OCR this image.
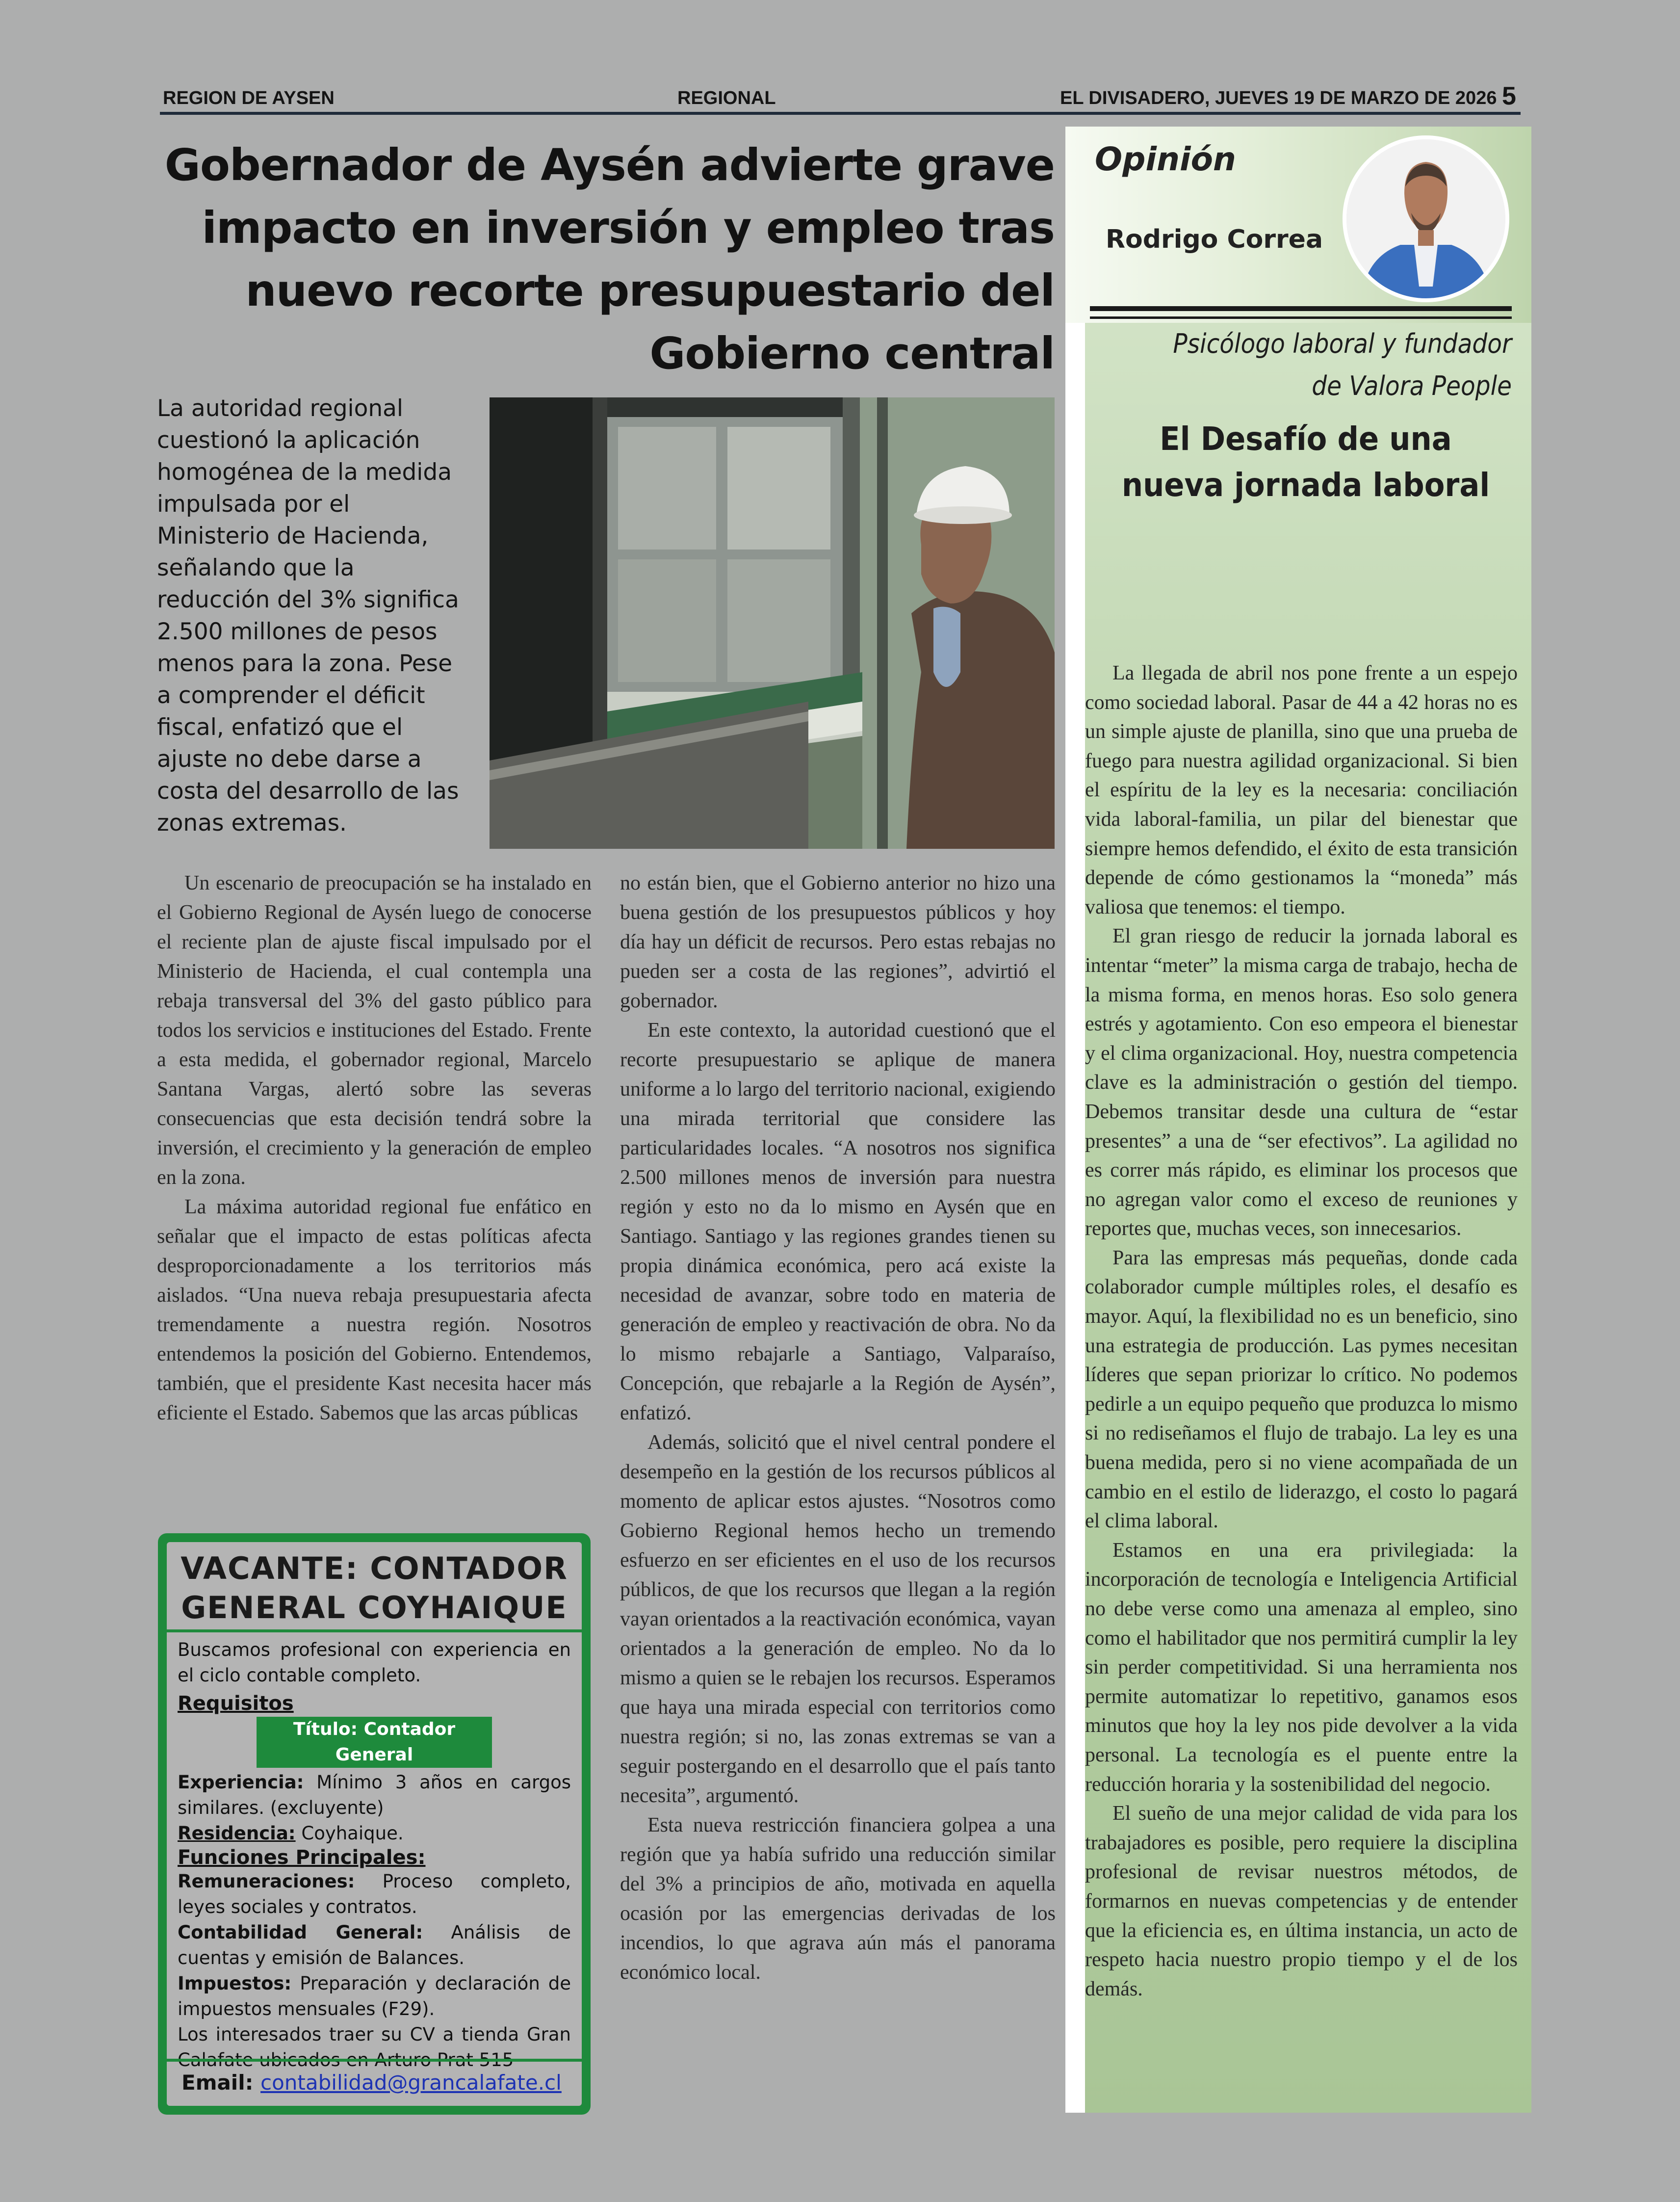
REGION DE AYSEN	REGIONAL	EL DIVISADERO, JUEVES 19 DE MARZO DE 2026 5
Gobernador de Aysén advierte grave impacto en inversión y empleo tras nuevo recorte presupuestario del Gobierno central
La autoridad regional cuestionó la aplicación homogénea de la medida impulsada por el Ministerio de Hacienda, señalando que la reducción del 3% significa 2.500 millones de pesos menos para la zona. Pese a comprender el déficit fiscal, enfatizó que el ajuste no debe darse a costa del desarrollo de las zonas extremas.

Un escenario de preocupación se ha instalado en el Gobierno Regional de Aysén luego de conocerse el reciente plan de ajuste fiscal impulsado por el Ministerio de Hacienda, el cual contempla una rebaja transversal del 3% del gasto público para todos los servicios e instituciones del Estado. Frente a esta medida, el gobernador regional, Marcelo Santana Vargas, alertó sobre las severas consecuencias que esta decisión tendrá sobre la inversión, el crecimiento y la generación de empleo en la zona.

La máxima autoridad regional fue enfático en señalar que el impacto de estas políticas afecta desproporcionadamente a los territorios más aislados. “Una nueva rebaja presupuestaria afecta tremendamente a nuestra región. Nosotros entendemos la posición del Gobierno. Entendemos, también, que el presidente Kast necesita hacer más eficiente el Estado. Sabemos que las arcas públicas

no están bien, que el Gobierno anterior no hizo una buena gestión de los presupuestos públicos y hoy día hay un déficit de recursos. Pero estas rebajas no pueden ser a costa de las regiones”, advirtió el gobernador.

En este contexto, la autoridad cuestionó que el recorte presupuestario se aplique de manera uniforme a lo largo del territorio nacional, exigiendo una mirada territorial que considere las particularidades locales. “A nosotros nos significa 2.500 millones menos de inversión para nuestra región y esto no da lo mismo en Aysén que en Santiago. Santiago y las regiones grandes tienen su propia dinámica económica, pero acá existe la necesidad de avanzar, sobre todo en materia de generación de empleo y reactivación de obra. No da lo mismo rebajarle a Santiago, Valparaíso, Concepción, que rebajarle a la Región de Aysén”, enfatizó.

Además, solicitó que el nivel central pondere el desempeño en la gestión de los recursos públicos al momento de aplicar estos ajustes. “Nosotros como Gobierno Regional hemos hecho un tremendo esfuerzo en ser eficientes en el uso de los recursos públicos, de que los recursos que llegan a la región vayan orientados a la reactivación económica, vayan orientados a la generación de empleo. No da lo mismo a quien se le rebajen los recursos. Esperamos que haya una mirada especial con territorios como nuestra región; si no, las zonas extremas se van a seguir postergando en el desarrollo que el país tanto necesita”, argumentó.

Esta nueva restricción financiera golpea a una región que ya había sufrido una reducción similar del 3% a principios de año, motivada en aquella ocasión por las emergencias derivadas de los incendios, lo que agrava aún más el panorama económico local.

VACANTE: CONTADOR
GENERAL COYHAIQUE
Buscamos profesional con experiencia en el ciclo contable completo.
Requisitos
Título: Contador General
Experiencia: Mínimo 3 años en cargos similares. (excluyente)
Residencia: Coyhaique.
Funciones Principales:
Remuneraciones: Proceso completo, leyes sociales y contratos.
Contabilidad General: Análisis de cuentas y emisión de Balances.
Impuestos: Preparación y declaración de impuestos mensuales (F29).
Los interesados traer su CV a tienda Gran Calafate ubicados en Arturo Prat 515
Email: contabilidad@grancalafate.cl
Opinión
Rodrigo Correa
Psicólogo laboral y fundador de Valora People
El Desafío de una nueva jornada laboral

La llegada de abril nos pone frente a un espejo como sociedad laboral. Pasar de 44 a 42 horas no es un simple ajuste de planilla, sino que una prueba de fuego para nuestra agilidad organizacional. Si bien el espíritu de la ley es la necesaria: conciliación vida laboral-familia, un pilar del bienestar que siempre hemos defendido, el éxito de esta transición depende de cómo gestionamos la “moneda” más valiosa que tenemos: el tiempo.

El gran riesgo de reducir la jornada laboral es intentar “meter” la misma carga de trabajo, hecha de la misma forma, en menos horas. Eso solo genera estrés y agotamiento. Con eso empeora el bienestar y el clima organizacional. Hoy, nuestra competencia clave es la administración o gestión del tiempo. Debemos transitar desde una cultura de “estar presentes” a una de “ser efectivos”. La agilidad no es correr más rápido, es eliminar los procesos que no agregan valor como el exceso de reuniones y reportes que, muchas veces, son innecesarios.

Para las empresas más pequeñas, donde cada colaborador cumple múltiples roles, el desafío es mayor. Aquí, la flexibilidad no es un beneficio, sino una estrategia de producción. Las pymes necesitan líderes que sepan priorizar lo crítico. No podemos pedirle a un equipo pequeño que produzca lo mismo si no rediseñamos el flujo de trabajo. La ley es una buena medida, pero si no viene acompañada de un cambio en el estilo de liderazgo, el costo lo pagará el clima laboral.

Estamos en una era privilegiada: la incorporación de tecnología e Inteligencia Artificial no debe verse como una amenaza al empleo, sino como el habilitador que nos permitirá cumplir la ley sin perder competitividad. Si una herramienta nos permite automatizar lo repetitivo, ganamos esos minutos que hoy la ley nos pide devolver a la vida personal. La tecnología es el puente entre la reducción horaria y la sostenibilidad del negocio.

El sueño de una mejor calidad de vida para los trabajadores es posible, pero requiere la disciplina profesional de revisar nuestros métodos, de formarnos en nuevas competencias y de entender que la eficiencia es, en última instancia, un acto de respeto hacia nuestro propio tiempo y el de los demás.
